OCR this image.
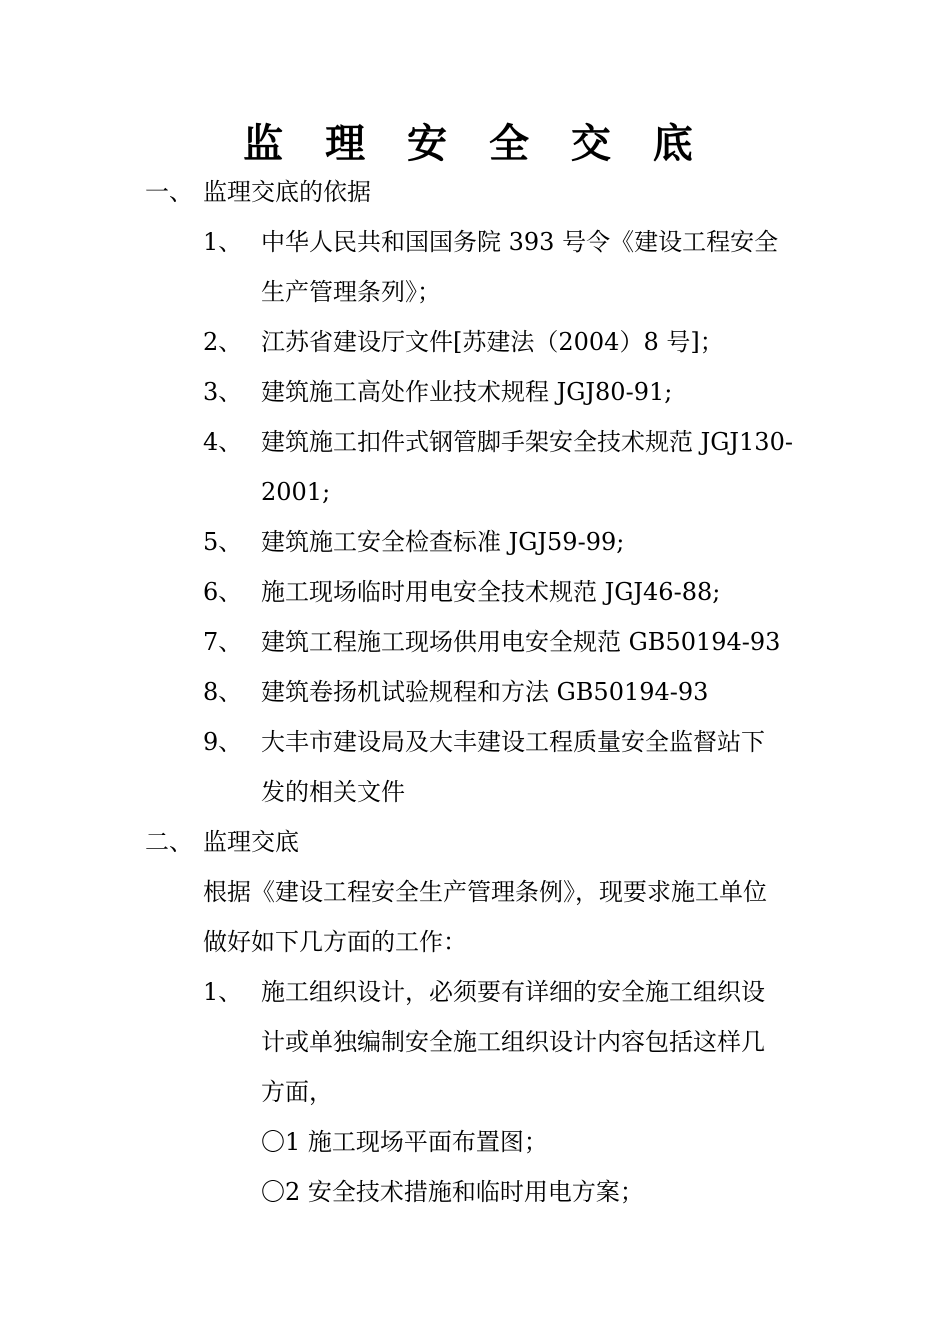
监 理 安 全 交 底
一、 监理交底的依据
1、 中华人民共和国国务院 393 号令《建设工程安全
生产管理条列》；
2、 江苏省建设厅文件[苏建法（2004）8 号]；
3、 建筑施工高处作业技术规程 JGJ80-91;
4、 建筑施工扣件式钢管脚手架安全技术规范 JGJ130-
2001;
5、 建筑施工安全检查标准 JGJ59-99;
6、 施工现场临时用电安全技术规范 JGJ46-88;
7、 建筑工程施工现场供用电安全规范 GB50194-93
8、 建筑卷扬机试验规程和方法 GB50194-93
9、 大丰市建设局及大丰建设工程质量安全监督站下
发的相关文件
二、 监理交底
根据《建设工程安全生产管理条例》，现要求施工单位
做好如下几方面的工作：
1、 施工组织设计，必须要有详细的安全施工组织设
计或单独编制安全施工组织设计内容包括这样几
方面，
〇1 施工现场平面布置图；
〇2 安全技术措施和临时用电方案；
